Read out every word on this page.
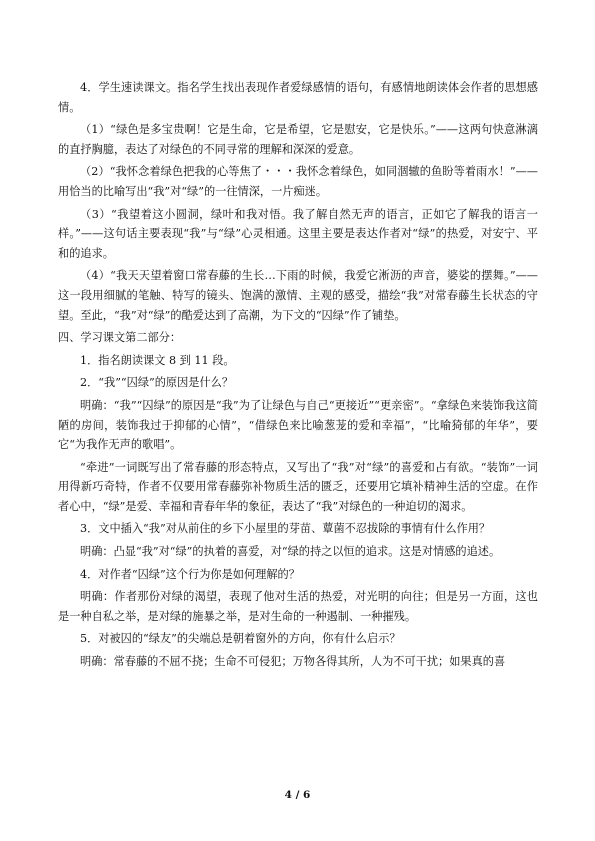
4．学生速读课文。指名学生找出表现作者爱绿感情的语句，有感情地朗读体会作者的思想感情。

（1）“绿色是多宝贵啊！它是生命，它是希望，它是慰安，它是快乐。”——这两句快意淋漓的直抒胸臆，表达了对绿色的不同寻常的理解和深深的爱意。

（2）“我怀念着绿色把我的心等焦了・・・我怀念着绿色，如同涸辙的鱼盼等着雨水！”——用恰当的比喻写出“我”对“绿”的一往情深，一片痴迷。

（3）“我望着这小圆洞，绿叶和我对悟。我了解自然无声的语言，正如它了解我的语言一样。”——这句话主要表现“我”与“绿”心灵相通。这里主要是表达作者对“绿”的热爱，对安宁、平和的追求。

（4）“我天天望着窗口常春藤的生长…下雨的时候，我爱它淅沥的声音，婆娑的摆舞。”——这一段用细腻的笔触、特写的镜头、饱满的激情、主观的感受，描绘“我”对常春藤生长状态的守望。至此，“我”对“绿”的酷爱达到了高潮，为下文的“囚绿”作了铺垫。

四、学习课文第二部分：

1．指名朗读课文 8 到 11 段。

2．“我”“囚绿”的原因是什么？

明确：“我”“囚绿”的原因是“我”为了让绿色与自己“更接近”“更亲密”。“拿绿色来装饰我这简陋的房间，装饰我过于抑郁的心情”，“借绿色来比喻葱茏的爱和幸福”，“比喻猗郁的年华”，要它“为我作无声的歌唱”。

“牵进”一词既写出了常春藤的形态特点，又写出了“我”对“绿”的喜爱和占有欲。“装饰”一词用得新巧奇特，作者不仅要用常春藤弥补物质生活的匮乏，还要用它填补精神生活的空虚。在作者心中，“绿”是爱、幸福和青春年华的象征，表达了“我”对绿色的一种迫切的渴求。

3．文中插入“我”对从前住的乡下小屋里的芽苗、蕈菌不忍拔除的事情有什么作用？

明确：凸显“我”对“绿”的执着的喜爱，对“绿的持之以恒的追求。这是对情感的追述。

4．对作者“囚绿”这个行为你是如何理解的？

明确：作者那份对绿的渴望，表现了他对生活的热爱，对光明的向往；但是另一方面，这也是一种自私之举，是对绿的施暴之举，是对生命的一种遏制、一种摧残。

5．对被囚的“绿友”的尖端总是朝着窗外的方向，你有什么启示？

明确：常春藤的不屈不挠；生命不可侵犯；万物各得其所，人为不可干扰；如果真的喜

4 / 6
